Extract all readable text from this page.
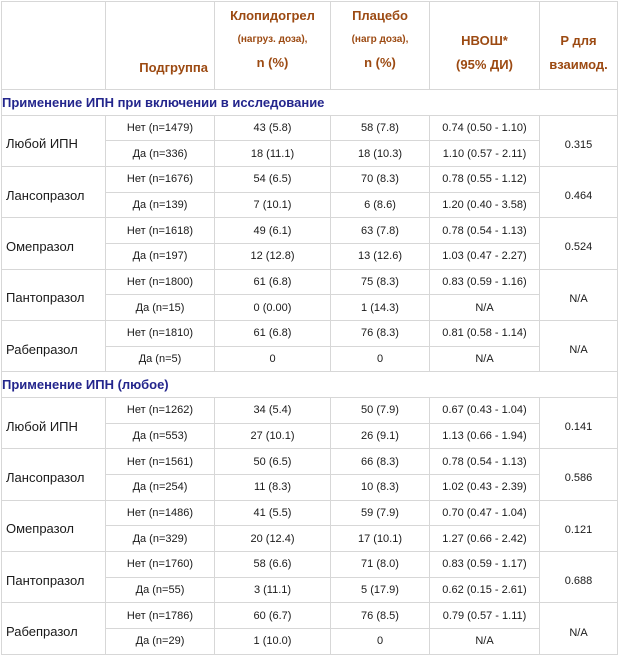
	Подгруппа	Клопидогрел
(нагруз. доза),
n (%)	Плацебо
(нагр доза),
n (%)	НВОШ*
(95% ДИ)	P для
взаимод.

Применение ИПН при включении в исследование					

Любой ИПН	Нет (n=1479)	43 (5.8)	58 (7.8)	0.74 (0.50 - 1.10)	0.315

	Да (n=336)	18 (11.1)	18 (10.3)	1.10 (0.57 - 2.11)	

Лансопразол	Нет (n=1676)	54 (6.5)	70 (8.3)	0.78 (0.55 - 1.12)	0.464

	Да (n=139)	7 (10.1)	6 (8.6)	1.20 (0.40 - 3.58)	

Омепразол	Нет (n=1618)	49 (6.1)	63 (7.8)	0.78 (0.54 - 1.13)	0.524

	Да (n=197)	12 (12.8)	13 (12.6)	1.03 (0.47 - 2.27)	

Пантопразол	Нет (n=1800)	61 (6.8)	75 (8.3)	0.83 (0.59 - 1.16)	N/A

	Да (n=15)	0 (0.00)	1 (14.3)	N/A	

Рабепразол	Нет (n=1810)	61 (6.8)	76 (8.3)	0.81 (0.58 - 1.14)	N/A

	Да (n=5)	0	0	N/A	
Применение ИПН (любое)					

Любой ИПН	Нет (n=1262)	34 (5.4)	50 (7.9)	0.67 (0.43 - 1.04)	0.141

	Да (n=553)	27 (10.1)	26 (9.1)	1.13 (0.66 - 1.94)	

Лансопразол	Нет (n=1561)	50 (6.5)	66 (8.3)	0.78 (0.54 - 1.13)	0.586

	Да (n=254)	11 (8.3)	10 (8.3)	1.02 (0.43 - 2.39)	

Омепразол	Нет (n=1486)	41 (5.5)	59 (7.9)	0.70 (0.47 - 1.04)	0.121

	Да (n=329)	20 (12.4)	17 (10.1)	1.27 (0.66 - 2.42)	

Пантопразол	Нет (n=1760)	58 (6.6)	71 (8.0)	0.83 (0.59 - 1.17)	0.688

	Да (n=55)	3 (11.1)	5 (17.9)	0.62 (0.15 - 2.61)	

Рабепразол	Нет (n=1786)	60 (6.7)	76 (8.5)	0.79 (0.57 - 1.11)	N/A

	Да (n=29)	1 (10.0)	0	N/A	
